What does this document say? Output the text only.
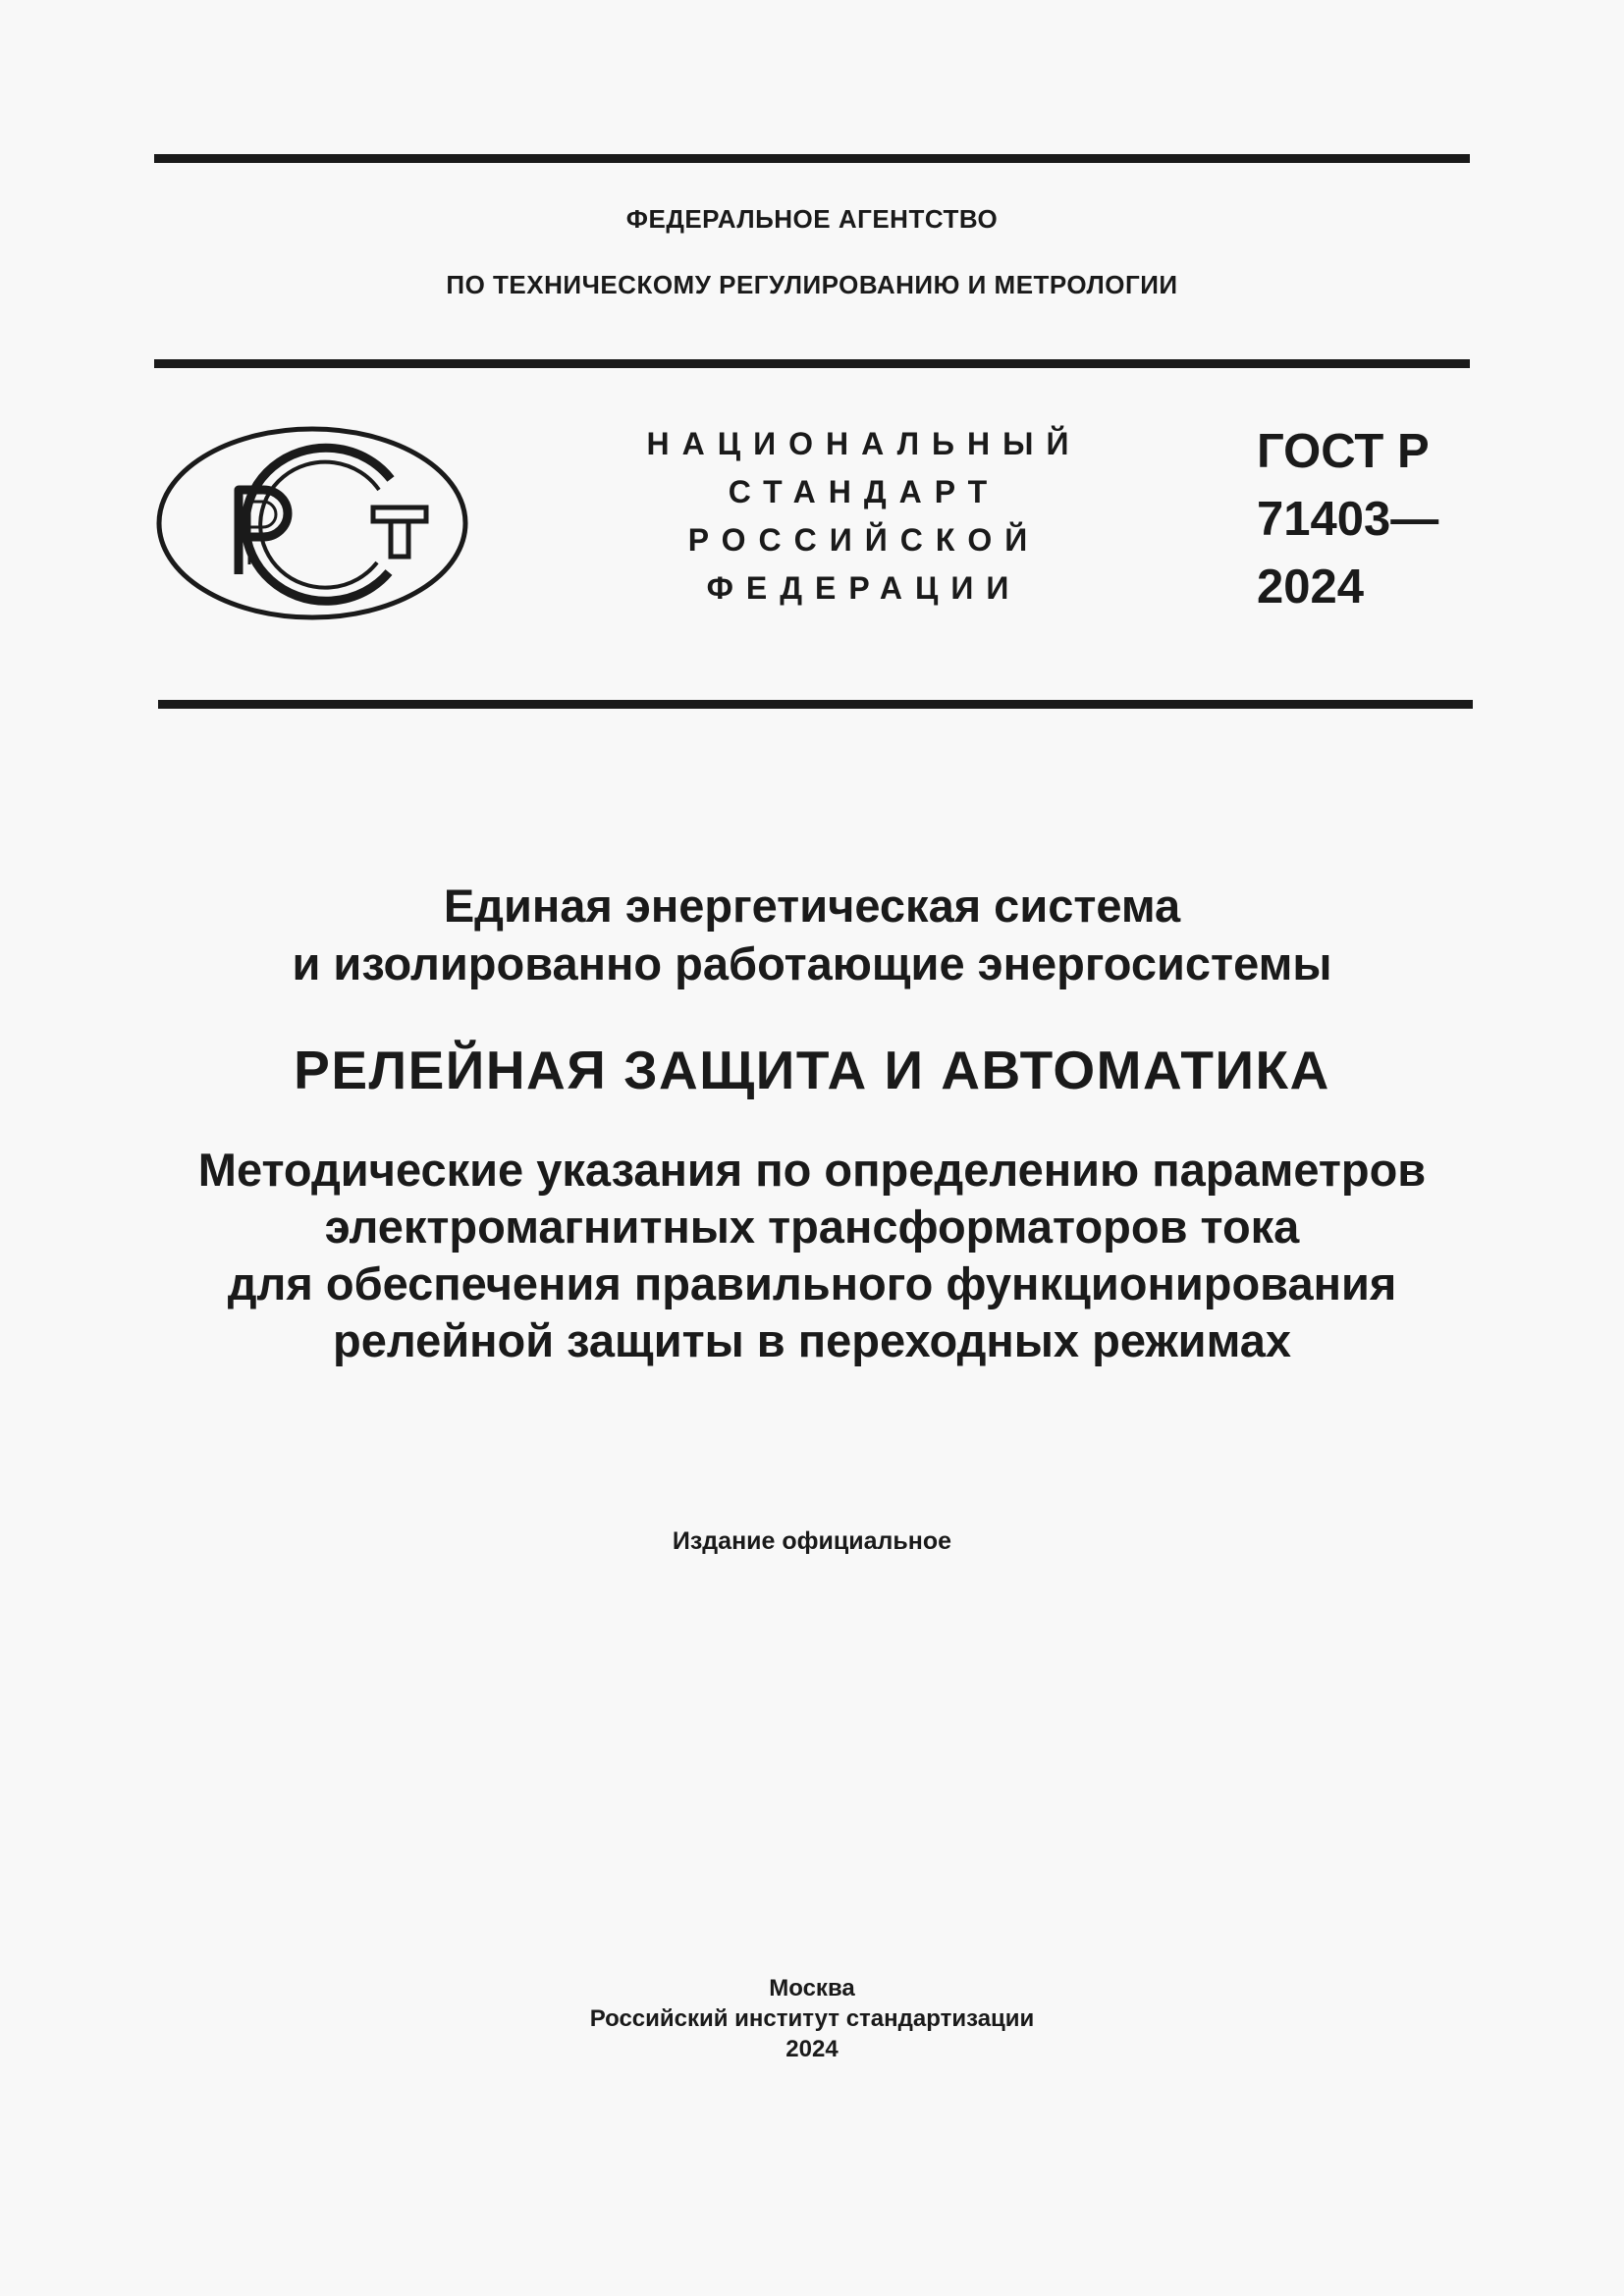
ФЕДЕРАЛЬНОЕ АГЕНТСТВО
ПО ТЕХНИЧЕСКОМУ РЕГУЛИРОВАНИЮ И МЕТРОЛОГИИ
НАЦИОНАЛЬНЫЙ
СТАНДАРТ
РОССИЙСКОЙ
ФЕДЕРАЦИИ
ГОСТ Р
71403—
2024
Единая энергетическая система
и изолированно работающие энергосистемы
РЕЛЕЙНАЯ ЗАЩИТА И АВТОМАТИКА
Методические указания по определению параметров
электромагнитных трансформаторов тока
для обеспечения правильного функционирования
релейной защиты в переходных режимах
Издание официальное
Москва
Российский институт стандартизации
2024
